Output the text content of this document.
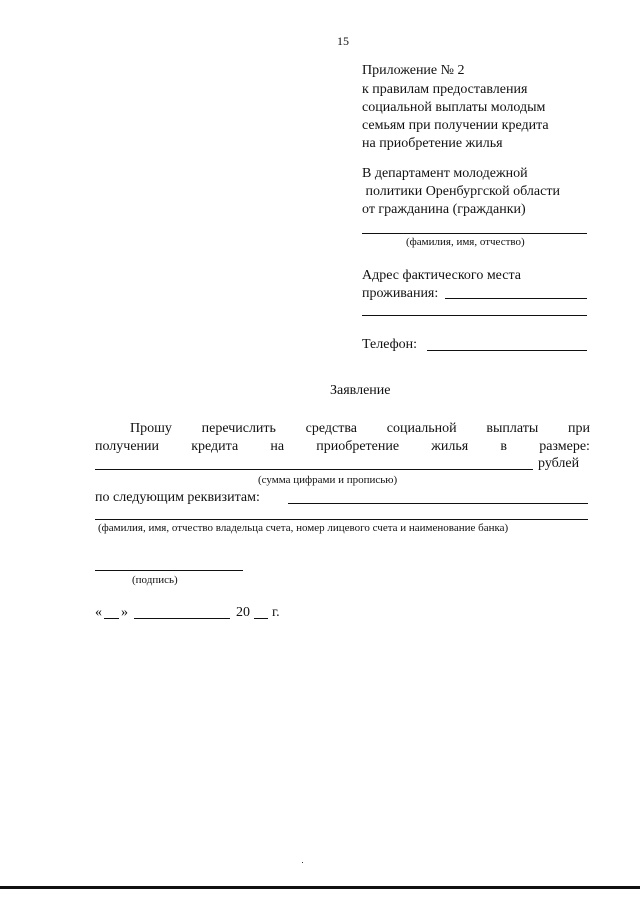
15
Приложение № 2
к правилам предоставления
социальной выплаты молодым
семьям при получении кредита
на приобретение жилья
В департамент молодежной
политики Оренбургской области
от гражданина (гражданки)
(фамилия, имя, отчество)
Адрес фактического места
проживания:
Телефон:
Заявление
Прошу перечислить средства социальной выплаты при
получении кредита на приобретение жилья в размере:
рублей
(сумма цифрами и прописью)
по следующим реквизитам:
(фамилия, имя, отчество владельца счета, номер лицевого счета и наименование банка)
(подпись)
« »	20 г.
